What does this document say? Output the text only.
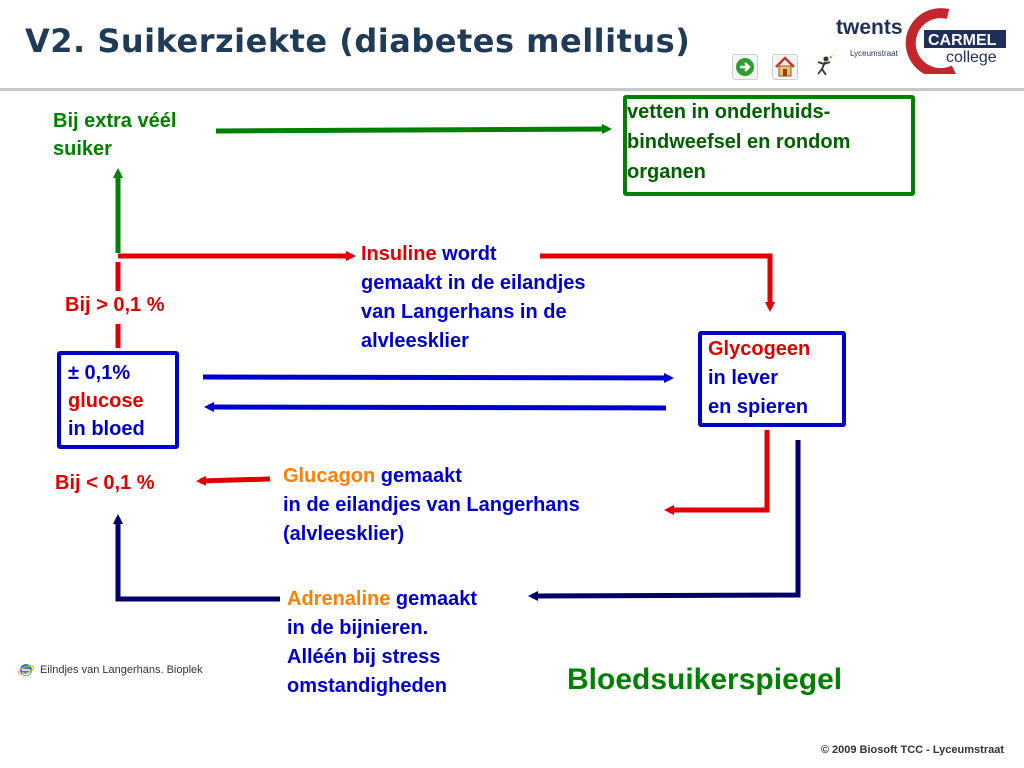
V2. Suikerziekte (diabetes mellitus)	twents
CARMEL
college
Lyceumstraat
Bij extra véél
suiker
vetten in onderhuids-
bindweefsel en rondom
organen
Insuline wordt
gemaakt in de eilandjes
van Langerhans in de
alvleesklier
Bij > 0,1 %
± 0,1%
glucose
in bloed
Glycogeen
in lever
en spieren
Bij < 0,1 %	Glucagon gemaakt
in de eilandjes van Langerhans
(alvleesklier)
Adrenaline gemaakt
in de bijnieren.
Alléén bij stress
omstandigheden
Eilndjes van Langerhans. Bioplek	Bloedsuikerspiegel
© 2009 Biosoft TCC - Lyceumstraat
